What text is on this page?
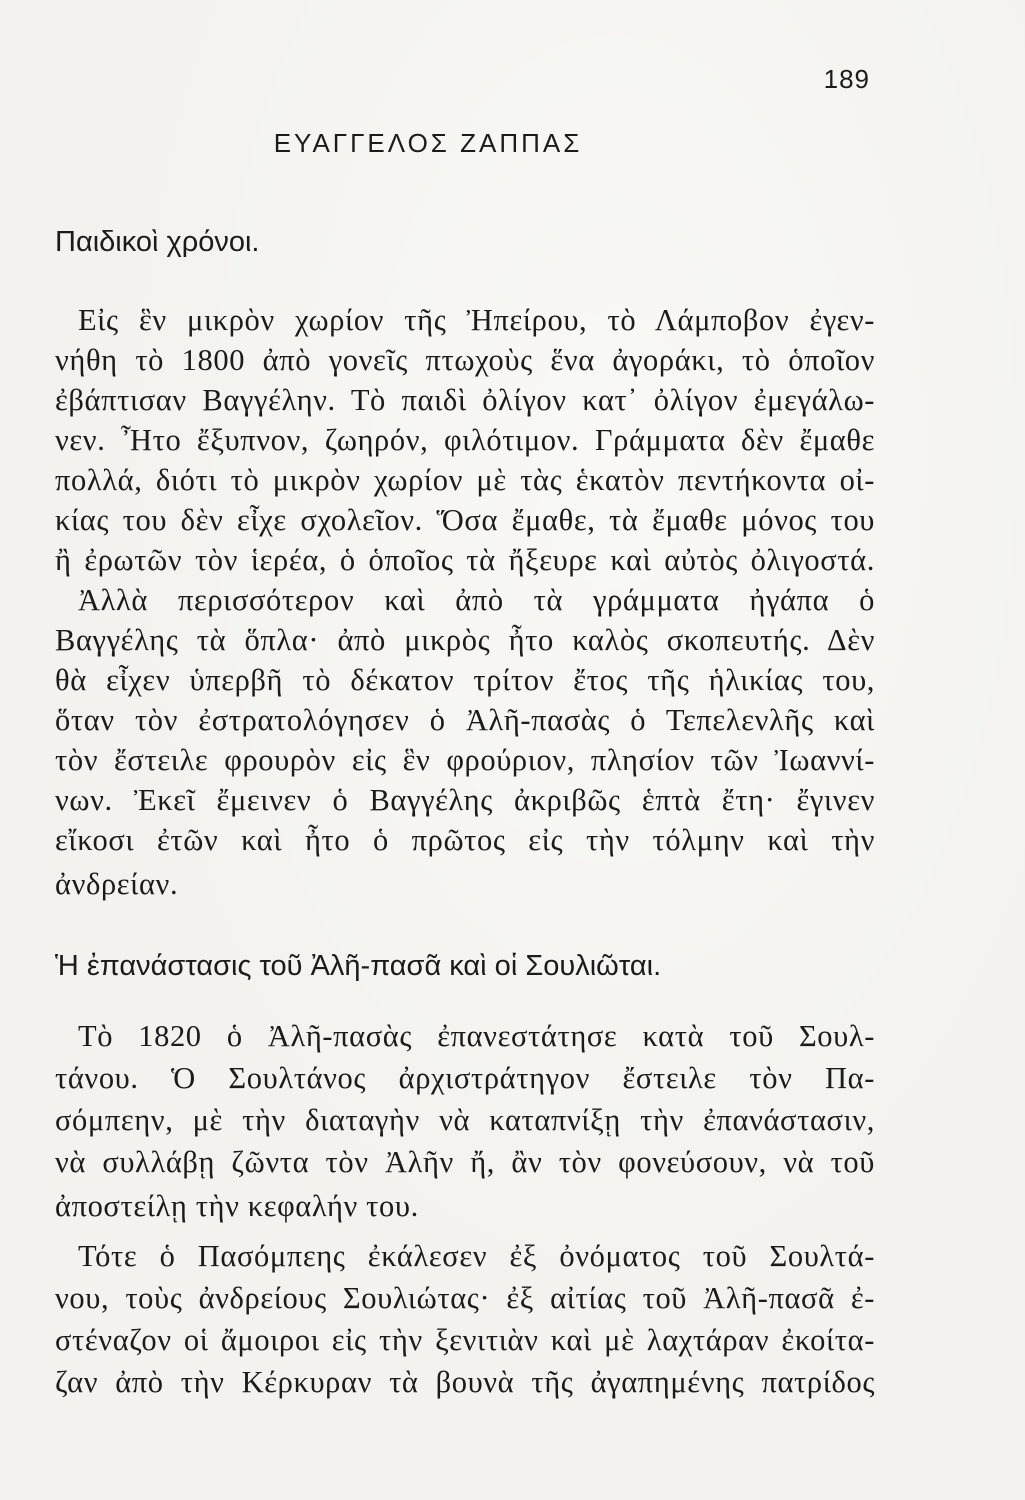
189
ΕΥΑΓΓΕΛΟΣ ΖΑΠΠΑΣ
Παιδικοὶ χρόνοι.
Εἰς ἓν μικρὸν χωρίον τῆς Ἠπείρου, τὸ Λάμποβον ἐγεν-
νήθη τὸ 1800 ἀπὸ γονεῖς πτωχοὺς ἕνα ἀγοράκι, τὸ ὁποῖον
ἐβάπτισαν Βαγγέλην. Τὸ παιδὶ ὀλίγον κατ᾽ ὀλίγον ἐμεγάλω-
νεν. Ἦτο ἔξυπνον, ζωηρόν, φιλότιμον. Γράμματα δὲν ἔμαθε
πολλά, διότι τὸ μικρὸν χωρίον μὲ τὰς ἑκατὸν πεντήκοντα οἰ-
κίας του δὲν εἶχε σχολεῖον. Ὅσα ἔμαθε, τὰ ἔμαθε μόνος του
ἢ ἐρωτῶν τὸν ἱερέα, ὁ ὁποῖος τὰ ἤξευρε καὶ αὐτὸς ὀλιγοστά.
Ἀλλὰ περισσότερον καὶ ἀπὸ τὰ γράμματα ἠγάπα ὁ
Βαγγέλης τὰ ὅπλα· ἀπὸ μικρὸς ἦτο καλὸς σκοπευτής. Δὲν
θὰ εἶχεν ὑπερβῆ τὸ δέκατον τρίτον ἔτος τῆς ἡλικίας του,
ὅταν τὸν ἐστρατολόγησεν ὁ Ἀλῆ-πασὰς ὁ Τεπελενλῆς καὶ
τὸν ἔστειλε φρουρὸν εἰς ἓν φρούριον, πλησίον τῶν Ἰωαννί-
νων. Ἐκεῖ ἔμεινεν ὁ Βαγγέλης ἀκριβῶς ἑπτὰ ἔτη· ἔγινεν
εἴκοσι ἐτῶν καὶ ἦτο ὁ πρῶτος εἰς τὴν τόλμην καὶ τὴν
ἀνδρείαν.
Ἡ ἐπανάστασις τοῦ Ἀλῆ-πασᾶ καὶ οἱ Σουλιῶται.
Τὸ 1820 ὁ Ἀλῆ-πασὰς ἐπανεστάτησε κατὰ τοῦ Σουλ-
τάνου. Ὁ Σουλτάνος ἀρχιστράτηγον ἔστειλε τὸν Πα-
σόμπεην, μὲ τὴν διαταγὴν νὰ καταπνίξῃ τὴν ἐπανάστασιν,
νὰ συλλάβῃ ζῶντα τὸν Ἀλῆν ἤ, ἂν τὸν φονεύσουν, νὰ τοῦ
ἀποστείλῃ τὴν κεφαλήν του.
Τότε ὁ Πασόμπεης ἐκάλεσεν ἐξ ὀνόματος τοῦ Σουλτά-
νου, τοὺς ἀνδρείους Σουλιώτας· ἐξ αἰτίας τοῦ Ἀλῆ-πασᾶ ἐ-
στέναζον οἱ ἄμοιροι εἰς τὴν ξενιτιὰν καὶ μὲ λαχτάραν ἐκοίτα-
ζαν ἀπὸ τὴν Κέρκυραν τὰ βουνὰ τῆς ἀγαπημένης πατρίδος
